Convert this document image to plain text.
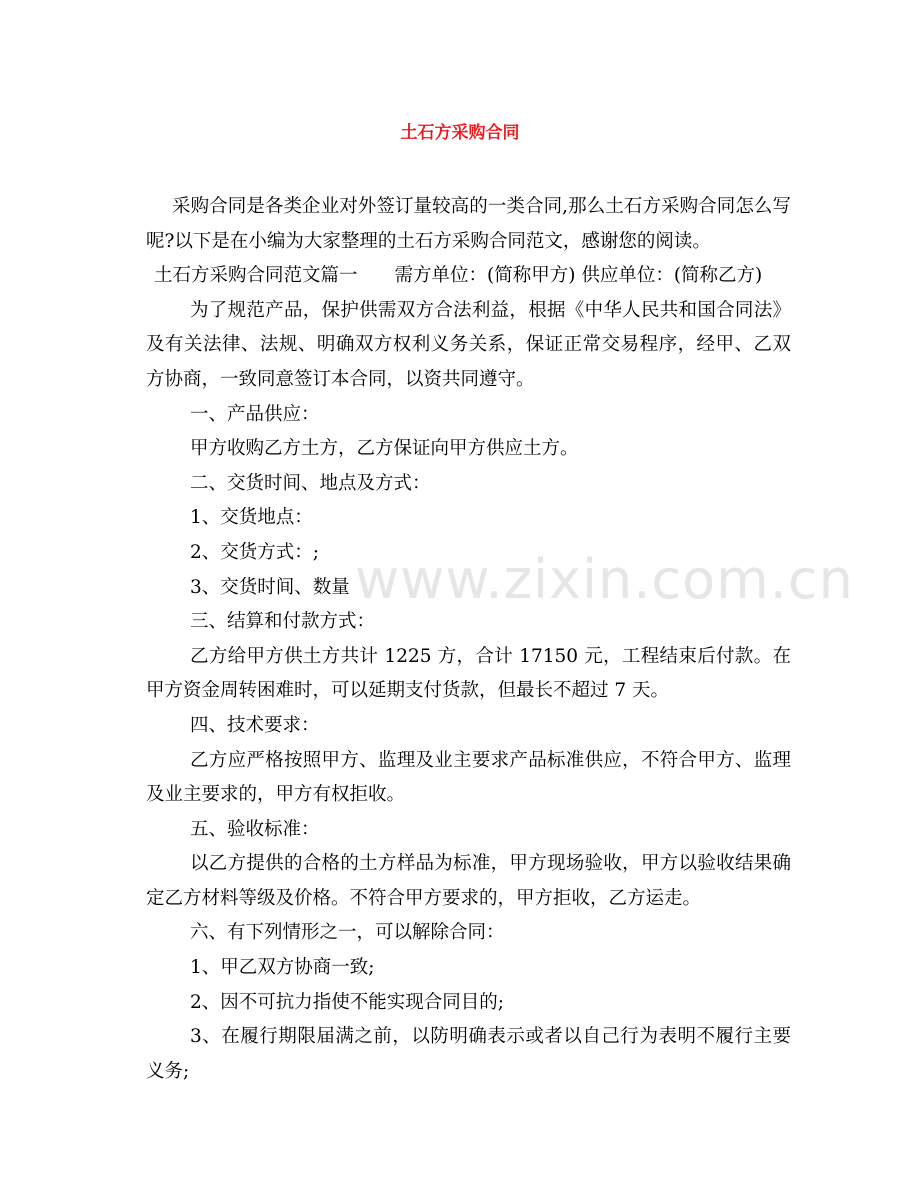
土石方采购合同
www.zixin.com.cn

采购合同是各类企业对外签订量较高的一类合同,那么土石方采购合同怎么写呢?以下是在小编为大家整理的土石方采购合同范文，感谢您的阅读。

土石方采购合同范文篇一　　需方单位：(简称甲方) 供应单位：(简称乙方)

为了规范产品，保护供需双方合法利益，根据《中华人民共和国合同法》及有关法律、法规、明确双方权利义务关系，保证正常交易程序，经甲、乙双方协商，一致同意签订本合同，以资共同遵守。

一、产品供应：

甲方收购乙方土方，乙方保证向甲方供应土方。

二、交货时间、地点及方式：

1、交货地点：

2、交货方式：;

3、交货时间、数量

三、结算和付款方式：

乙方给甲方供土方共计 1225 方，合计 17150 元，工程结束后付款。在甲方资金周转困难时，可以延期支付货款，但最长不超过 7 天。

四、技术要求：

乙方应严格按照甲方、监理及业主要求产品标准供应，不符合甲方、监理及业主要求的，甲方有权拒收。

五、验收标准：

以乙方提供的合格的土方样品为标准，甲方现场验收，甲方以验收结果确定乙方材料等级及价格。不符合甲方要求的，甲方拒收，乙方运走。

六、有下列情形之一，可以解除合同：

1、甲乙双方协商一致;

2、因不可抗力指使不能实现合同目的;

3、在履行期限届满之前，以防明确表示或者以自己行为表明不履行主要义务;
